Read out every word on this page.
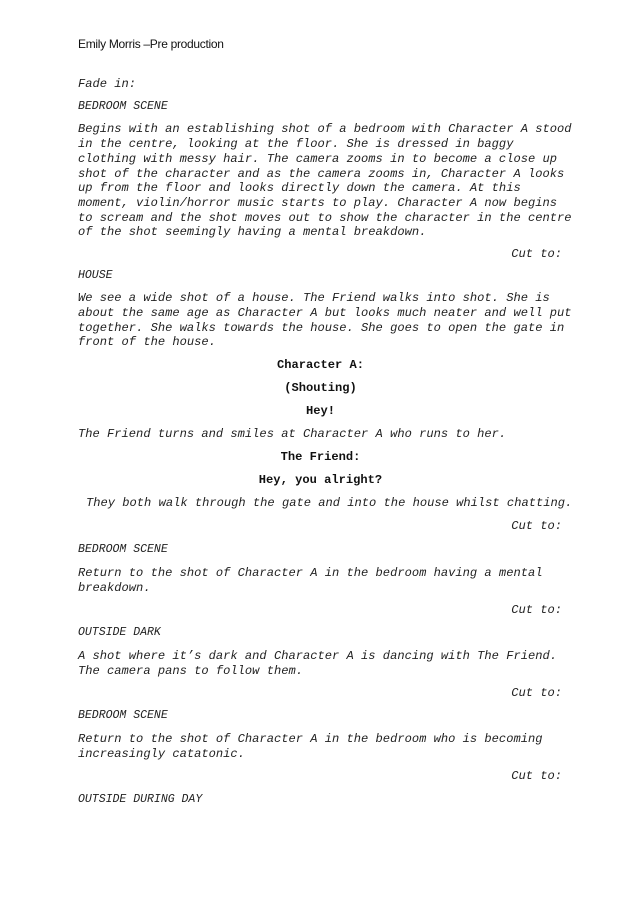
Emily Morris –Pre production
Fade in:
BEDROOM SCENE
Begins with an establishing shot of a bedroom with Character A stood
in the centre, looking at the floor. She is dressed in baggy
clothing with messy hair. The camera zooms in to become a close up
shot of the character and as the camera zooms in, Character A looks
up from the floor and looks directly down the camera. At this
moment, violin/horror music starts to play. Character A now begins
to scream and the shot moves out to show the character in the centre
of the shot seemingly having a mental breakdown.
Cut to:
HOUSE
We see a wide shot of a house. The Friend walks into shot. She is
about the same age as Character A but looks much neater and well put
together. She walks towards the house. She goes to open the gate in
front of the house.
Character A:
(Shouting)
Hey!
The Friend turns and smiles at Character A who runs to her.
The Friend:
Hey, you alright?
They both walk through the gate and into the house whilst chatting.
Cut to:
BEDROOM SCENE
Return to the shot of Character A in the bedroom having a mental
breakdown.
Cut to:
OUTSIDE DARK
A shot where it’s dark and Character A is dancing with The Friend.
The camera pans to follow them.
Cut to:
BEDROOM SCENE
Return to the shot of Character A in the bedroom who is becoming
increasingly catatonic.
Cut to:
OUTSIDE DURING DAY
